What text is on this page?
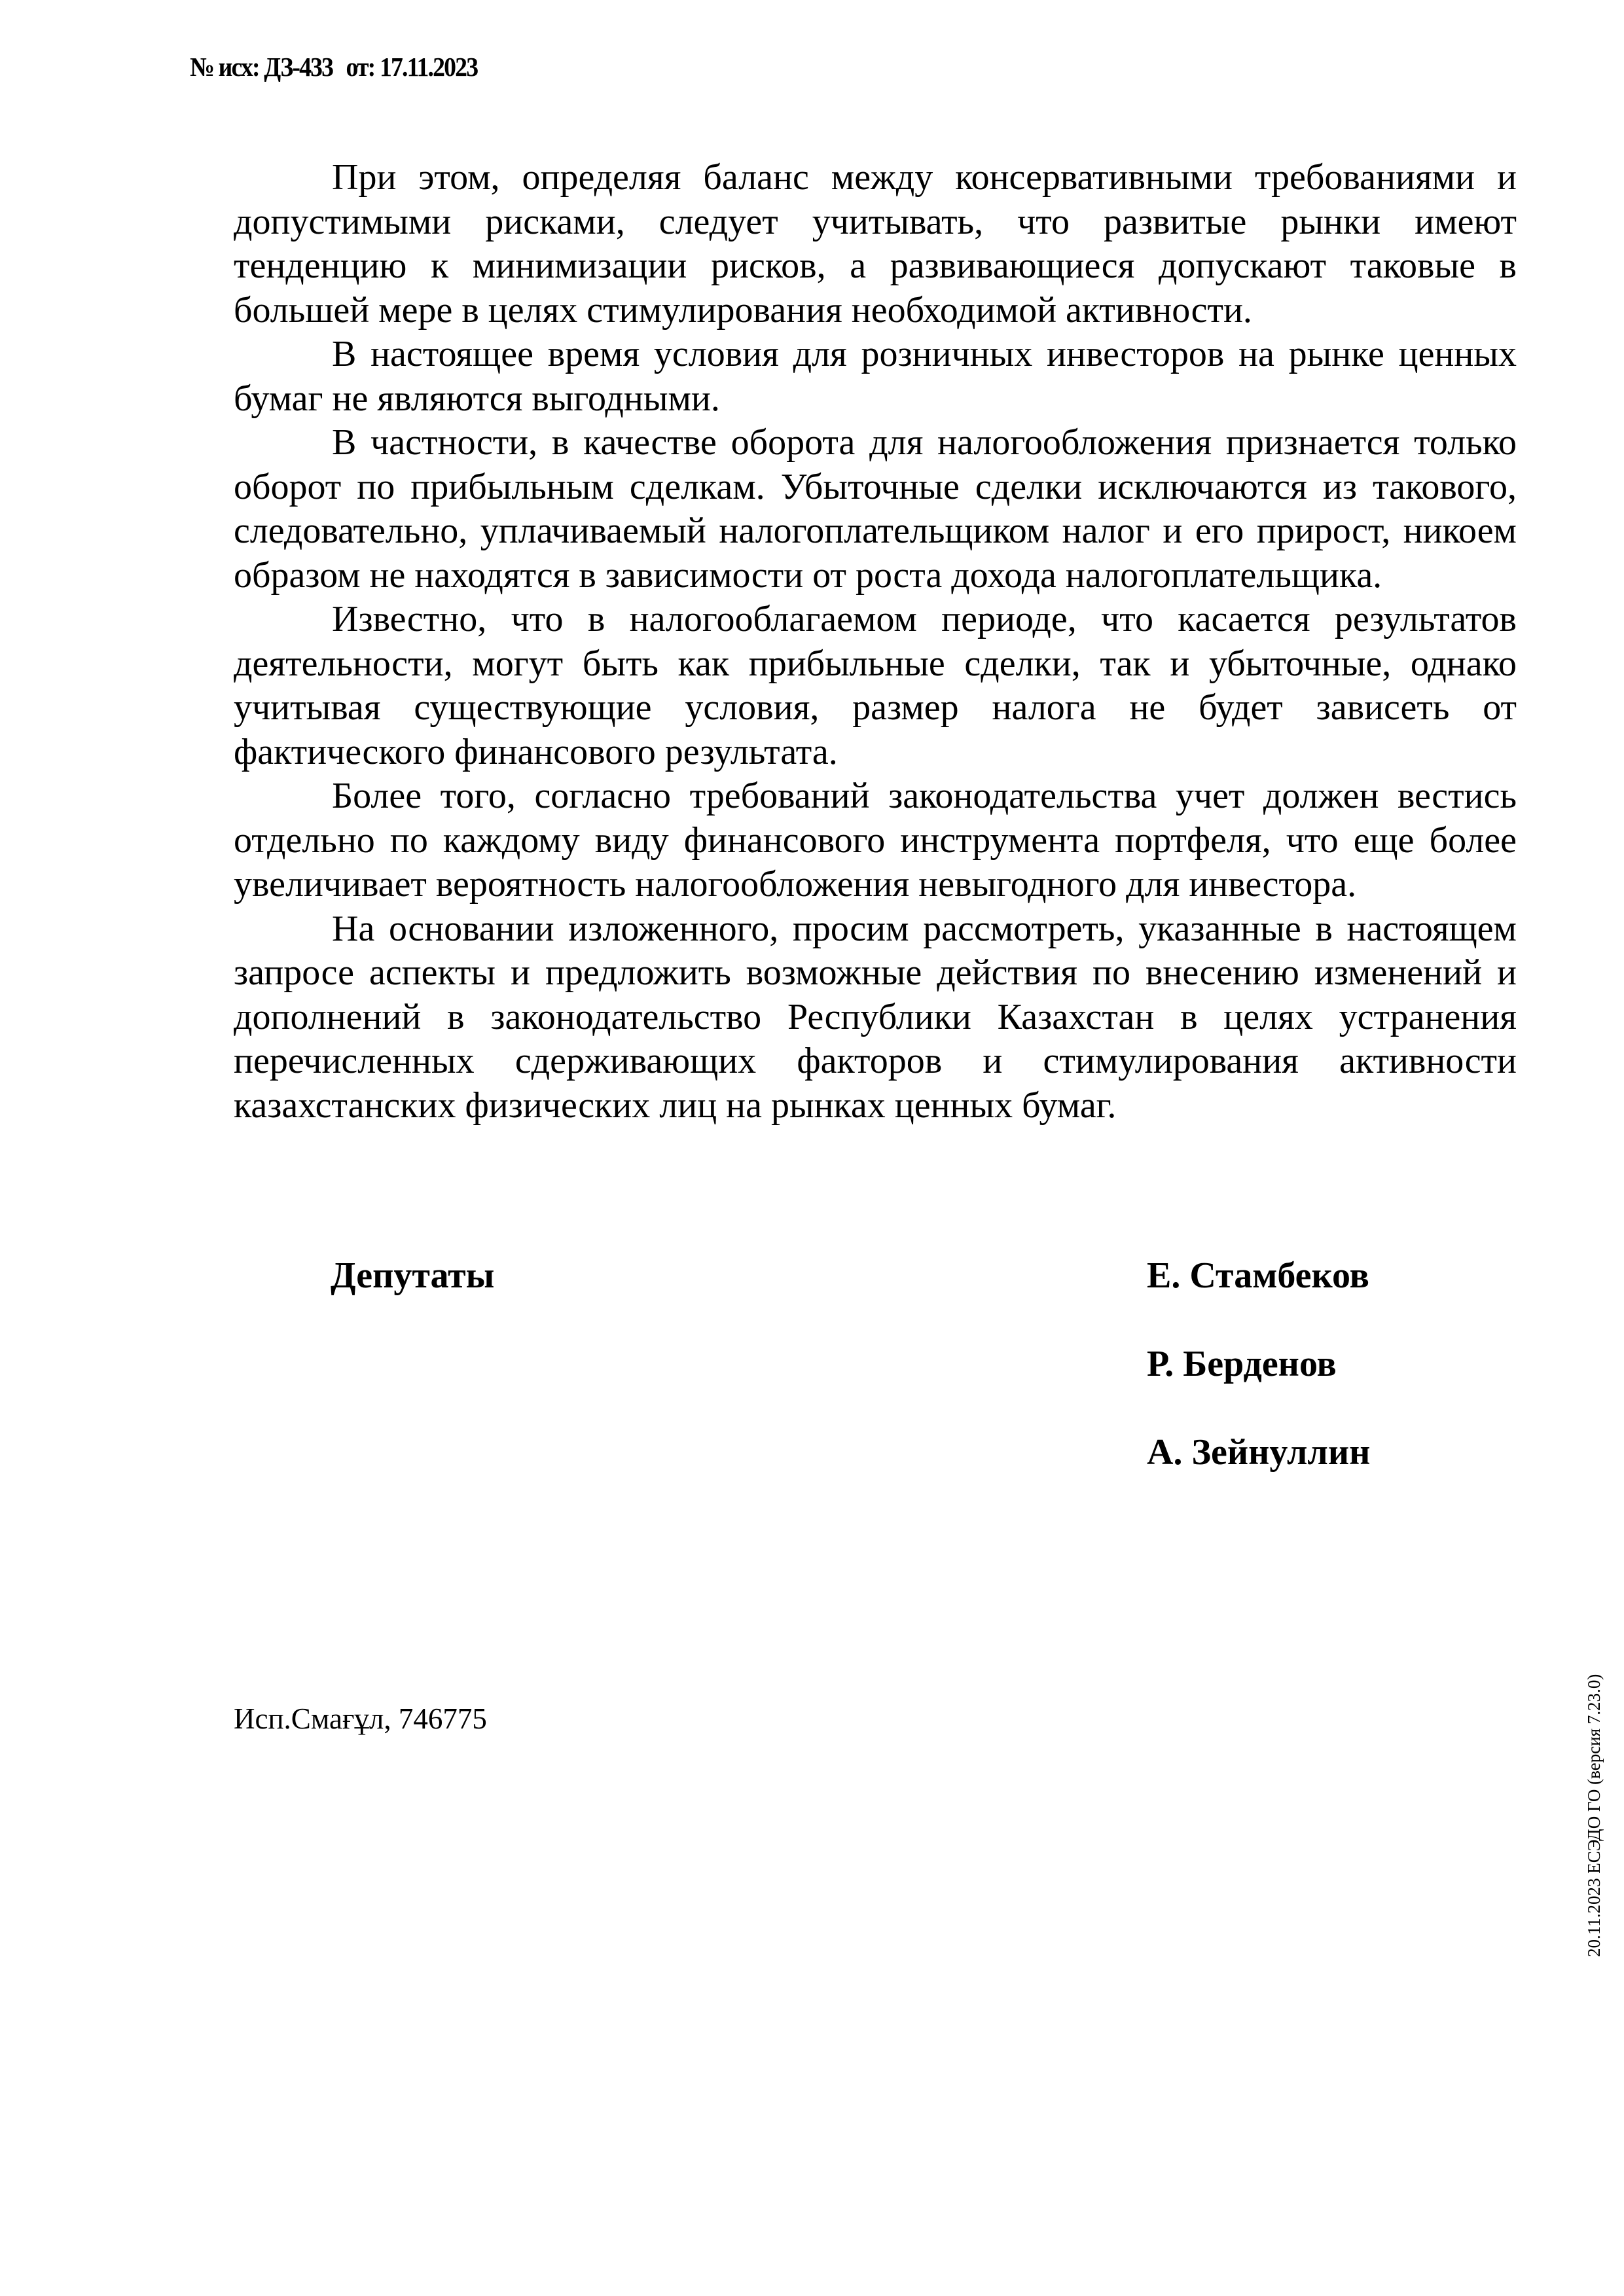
№ исх: ДЗ-433 от: 17.11.2023

При этом, определяя баланс между консервативными требованиями и допустимыми рисками, следует учитывать, что развитые рынки имеют тенденцию к минимизации рисков, а развивающиеся допускают таковые в большей мере в целях стимулирования необходимой активности.

В настоящее время условия для розничных инвесторов на рынке ценных бумаг не являются выгодными.

В частности, в качестве оборота для налогообложения признается только оборот по прибыльным сделкам. Убыточные сделки исключаются из такового, следовательно, уплачиваемый налогоплательщиком налог и его прирост, никоем образом не находятся в зависимости от роста дохода налогоплательщика.

Известно, что в налогооблагаемом периоде, что касается результатов деятельности, могут быть как прибыльные сделки, так и убыточные, однако учитывая существующие условия, размер налога не будет зависеть от фактического финансового результата.

Более того, согласно требований законодательства учет должен вестись отдельно по каждому виду финансового инструмента портфеля, что еще более увеличивает вероятность налогообложения невыгодного для инвестора.

На основании изложенного, просим рассмотреть, указанные в настоящем запросе аспекты и предложить возможные действия по внесению изменений и дополнений в законодательство Республики Казахстан в целях устранения перечисленных сдерживающих факторов и стимулирования активности казахстанских физических лиц на рынках ценных бумаг.

Депутаты	Е. Стамбеков
Р. Берденов
А. Зейнуллин
Исп.Смағұл, 746775	20.11.2023 ЕСЭДО ГО (версия 7.23.0)
